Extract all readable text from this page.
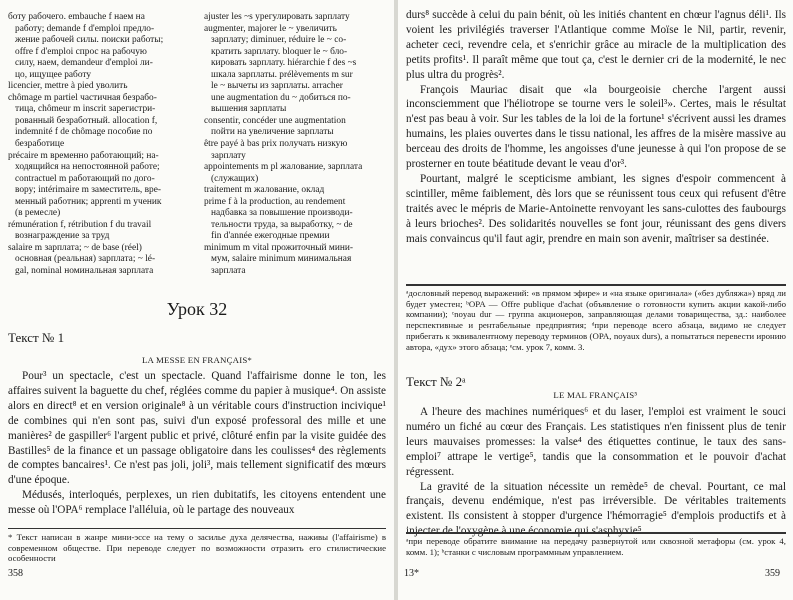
боту рабочего. embauche f наем на

работу; demande f d'emploi предло-

жение рабочей силы. поиски работы;

offre f d'emploi спрос на рабочую

силу, наем, demandeur d'emploi ли-

цо, ищущее работу

licencier, mettre à pied уволить

chômage m partiel частичная безрабо-

тица, chômeur m inscrit зарегистри-

рованный безработный. allocation f,

indemnité f de chômage пособие по

безработице

précaire m временно работающий; на-

ходящийся на непостоянной работе;

contractuel m работающий по дого-

вору; intérimaire m заместитель, вре-

менный работник; apprenti m ученик

(в ремесле)

rémunération f, rétribution f du travail

вознаграждение за труд

salaire m зарплата; ~ de base (réel)

основная (реальная) зарплата; ~ lé-

gal, nominal номинальная зарплата

ajuster les ~s урегулировать зарплату

augmenter, majorer le ~ увеличить

зарплату; diminuer, réduire le ~ со-

кратить зарплату. bloquer le ~ бло-

кировать зарплату. hiérarchie f des ~s

шкала зарплаты. prélèvements m sur

le ~ вычеты из зарплаты. arracher

une augmentation du ~ добиться по-

вышения зарплаты

consentir, concéder une augmentation

пойти на увеличение зарплаты

être payé à bas prix получать низкую

зарплату

appointements m pl жалование, зарплата

(служащих)

traitement m жалование, оклад

prime f à la production, au rendement

надбавка за повышение производи-

тельности труда, за выработку, ~ de

fin d'année ежегодные премии

minimum m vital прожиточный мини-

мум, salaire minimum минимальная

зарплата

Урок 32
Текст № 1
LA MESSE EN FRANÇAIS*

Pour³ un spectacle, c'est un spectacle. Quand l'affairisme donne le ton, les affaires suivent la baguette du chef, réglées comme du papier à musique⁴. On assiste alors en direct⁸ et en version originale⁸ à un véritable cours d'instruction incivique¹ de combines qui n'en sont pas, suivi d'un exposé professoral des mille et une manières² de gaspiller⁶ l'argent public et privé, clôturé enfin par la visite guidée des Bastilles⁵ de la finance et un passage obligatoire dans les coulisses⁴ des règlements de comptes bancaires¹. Ce n'est pas joli, joli³, mais tellement significatif des mœurs d'une époque.

Médusés, interloqués, perplexes, un rien dubitatifs, les citoyens entendent une messe où l'OPA⁶ remplace l'alléluia, où le partage des nouveaux

* Текст написан в жанре мини-эссе на тему о засилье духа делячества, наживы (l'affairisme) в современном обществе. При переводе следует по возможности отразить его стилистические особенности

358

durs⁸ succède à celui du pain bénit, où les initiés chantent en chœur l'agnus déli¹. Ils voient les privilégiés traverser l'Atlantique comme Moïse le Nil, partir, revenir, acheter ceci, revendre cela, et s'enrichir grâce au miracle de la multiplication des petits profits¹. Il paraît même que tout ça, c'est le dernier cri de la modernité, le nec plus ultra du progrès².

François Mauriac disait que «la bourgeoisie cherche l'argent aussi inconsciemment que l'héliotrope se tourne vers le soleil³». Certes, mais le résultat n'est pas beau à voir. Sur les tables de la loi de la fortune¹ s'écrivent aussi les drames humains, les plaies ouvertes dans le tissu national, les affres de la misère massive au berceau des droits de l'homme, les angoisses d'une jeunesse à qui l'on propose de se prosterner en toute béatitude devant le veau d'or³.

Pourtant, malgré le scepticisme ambiant, les signes d'espoir commencent à scintiller, même faiblement, dès lors que se réunissent tous ceux qui refusent d'être traités avec le mépris de Marie-Antoinette renvoyant les sans-culottes des faubourgs à leurs brioches². Des solidarités nouvelles se font jour, réunissant des gens divers mais convaincus qu'il faut agir, prendre en main son avenir, maîtriser sa destinée.

ᵃдословный перевод выражений: «в прямом эфире» и «на языке оригинала» («без дубляжа») вряд ли будет уместен; ᵇOPA — Offre publique d'achat (объявление о готовности купить акции какой-либо компании); ᶜnoyau dur — группа акционеров, заправляющая делами товарищества, зд.: наиболее перспективные и рентабельные предприятия; ᵈпри переводе всего абзаца, видимо не следует прибегать к эквивалентному переводу терминов (OPA, noyaux durs), а попытаться перевести иронию автора, «дух» этого абзаца; ᵉсм. урок 7, комм. 3.

Текст № 2ᵃ
LE MAL FRANÇAIS⁵

A l'heure des machines numériques⁶ et du laser, l'emploi est vraiment le souci numéro un fiché au cœur des Français. Les statistiques n'en finissent plus de tenir leurs mauvaises promesses: la valse⁴ des étiquettes continue, le taux des sans-emploi⁷ attrape le vertige⁵, tandis que la consommation et le pouvoir d'achat régressent.

La gravité de la situation nécessite un remède⁵ de cheval. Pourtant, ce mal français, devenu endémique, n'est pas irréversible. De véritables traitements existent. Ils consistent à stopper d'urgence l'hémorragie⁵ d'emplois productifs et à

ᵃпри переводе обратите внимание на передачу развернутой или сквозной метафоры (см. урок 4, комм. 1); ᵇстанки с числовым программным управлением.

13*	359
